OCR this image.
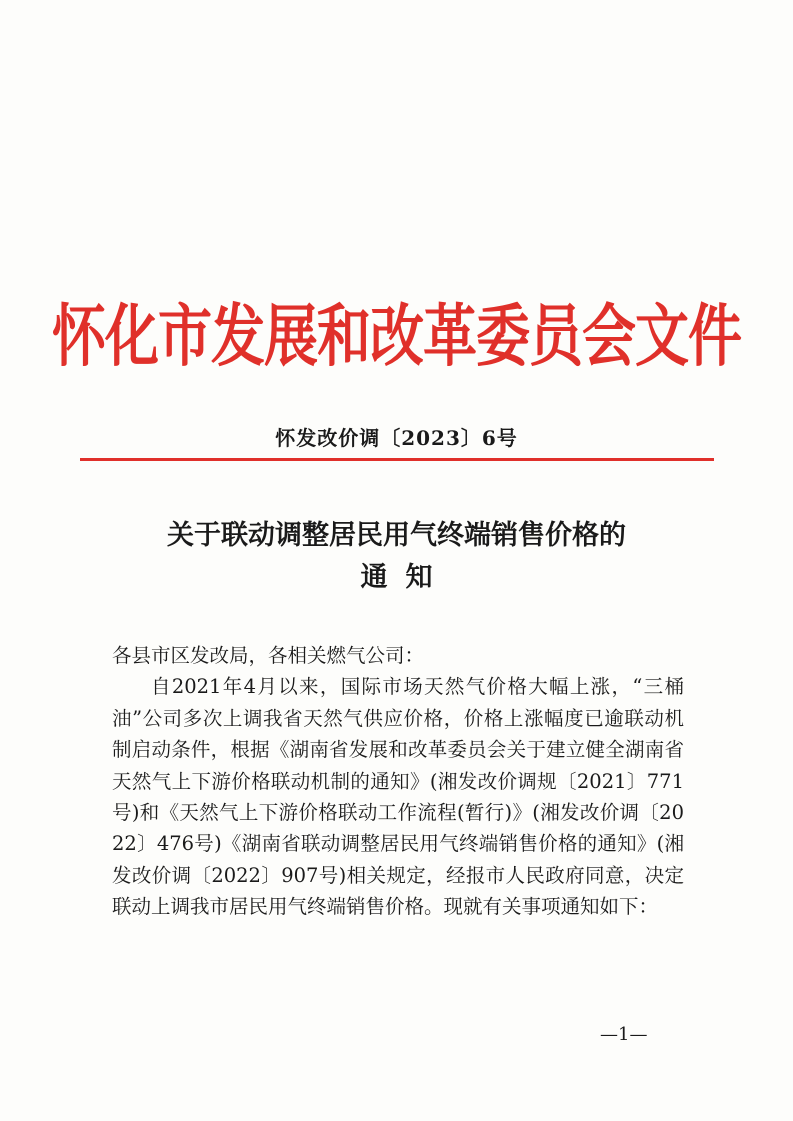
怀化市发展和改革委员会文件
怀发改价调〔2023〕6号
关于联动调整居民用气终端销售价格的
通知

各县市区发改局，各相关燃气公司：

自2021年4月以来，国际市场天然气价格大幅上涨，“三桶油”公司多次上调我省天然气供应价格，价格上涨幅度已逾联动机制启动条件，根据《湖南省发展和改革委员会关于建立健全湖南省天然气上下游价格联动机制的通知》(湘发改价调规〔2021〕771号)和《天然气上下游价格联动工作流程(暂行)》(湘发改价调〔2022〕476号)《湖南省联动调整居民用气终端销售价格的通知》(湘发改价调〔2022〕907号)相关规定，经报市人民政府同意，决定联动上调我市居民用气终端销售价格。现就有关事项通知如下：

—1—
